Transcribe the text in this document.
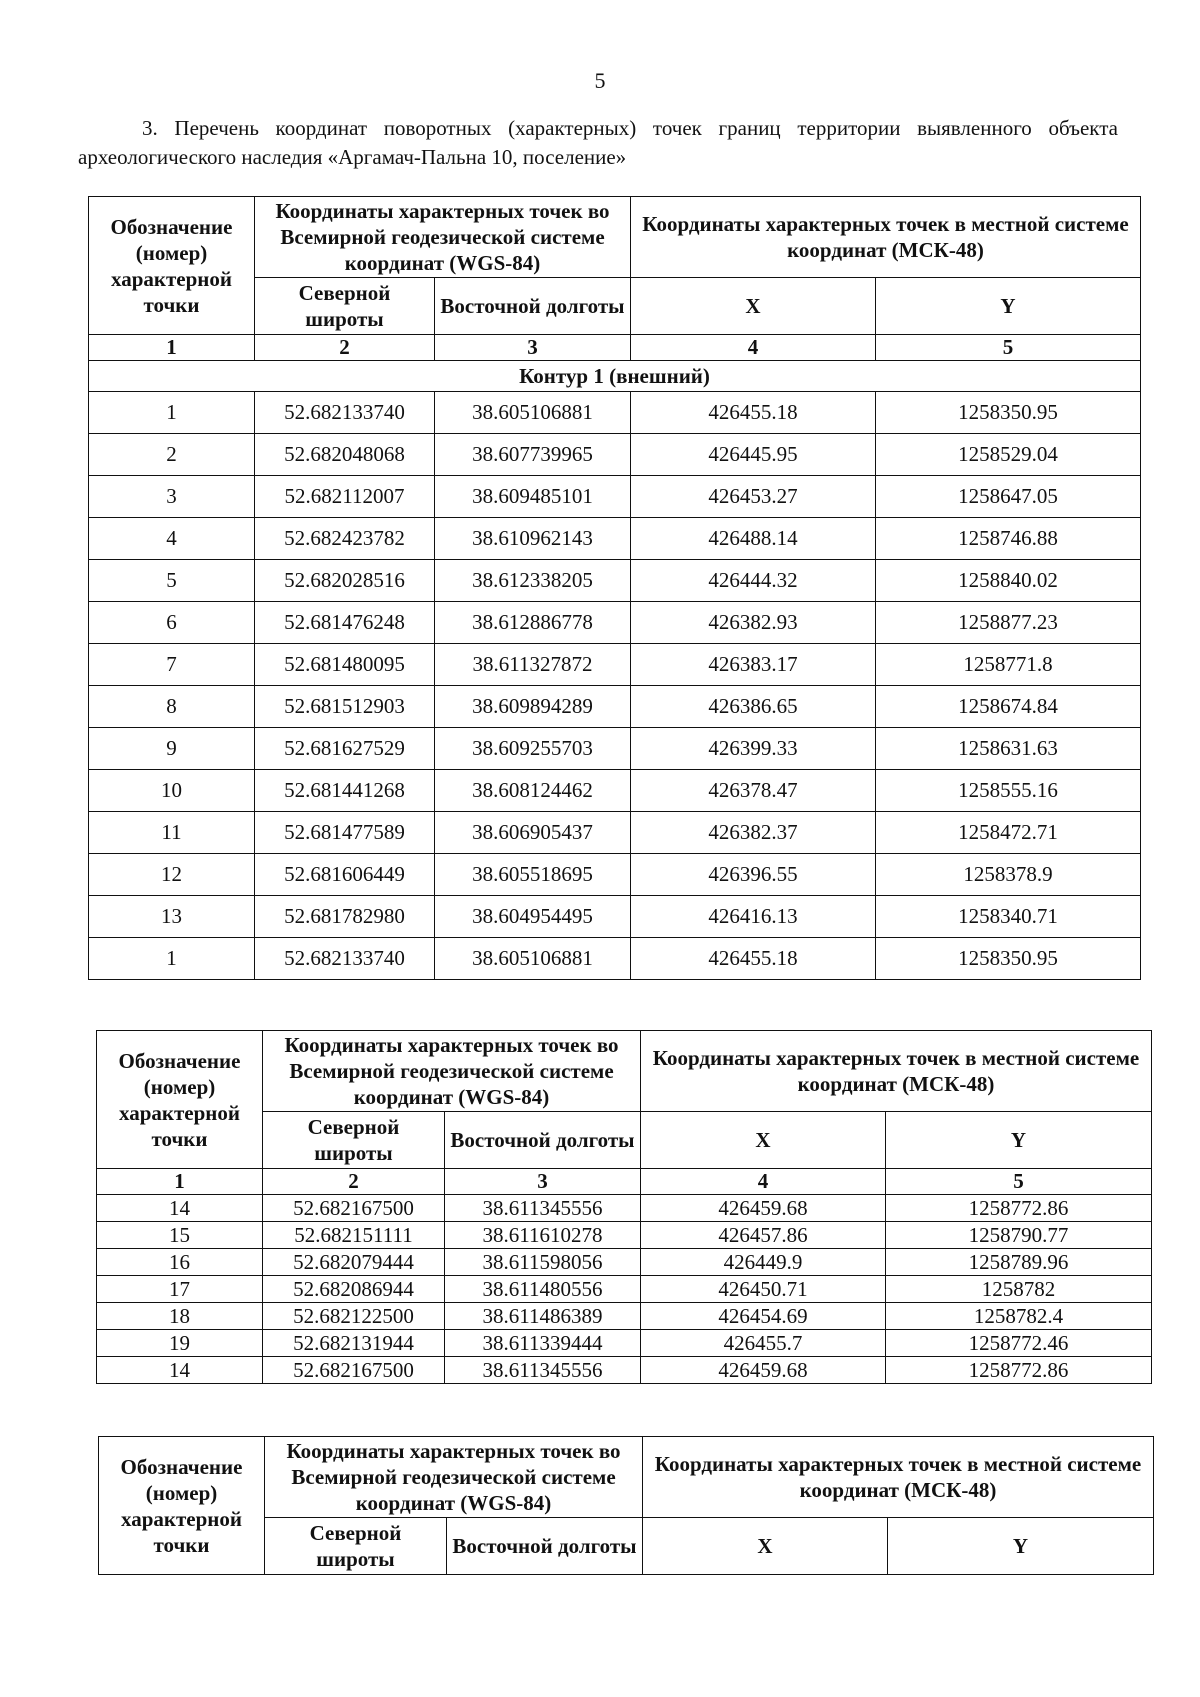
5
3. Перечень координат поворотных (характерных) точек границ территории выявленного объекта археологического наследия «Аргамач-Пальна 10, поселение»
Обозначение (номер) характерной точки	Координаты характерных точек во Всемирной геодезической системе координат (WGS-84)		Координаты характерных точек в местной системе координат (МСК-48)	
	Северной широты	Восточной долготы	X	Y
1	2	3	4	5
Контур 1 (внешний)				
1	52.682133740	38.605106881	426455.18	1258350.95
2	52.682048068	38.607739965	426445.95	1258529.04
3	52.682112007	38.609485101	426453.27	1258647.05
4	52.682423782	38.610962143	426488.14	1258746.88
5	52.682028516	38.612338205	426444.32	1258840.02
6	52.681476248	38.612886778	426382.93	1258877.23
7	52.681480095	38.611327872	426383.17	1258771.8
8	52.681512903	38.609894289	426386.65	1258674.84
9	52.681627529	38.609255703	426399.33	1258631.63
10	52.681441268	38.608124462	426378.47	1258555.16
11	52.681477589	38.606905437	426382.37	1258472.71
12	52.681606449	38.605518695	426396.55	1258378.9
13	52.681782980	38.604954495	426416.13	1258340.71
1	52.682133740	38.605106881	426455.18	1258350.95
Обозначение (номер) характерной точки	Координаты характерных точек во Всемирной геодезической системе координат (WGS-84)		Координаты характерных точек в местной системе координат (МСК-48)	
	Северной широты	Восточной долготы	X	Y
1	2	3	4	5
14	52.682167500	38.611345556	426459.68	1258772.86
15	52.682151111	38.611610278	426457.86	1258790.77
16	52.682079444	38.611598056	426449.9	1258789.96
17	52.682086944	38.611480556	426450.71	1258782
18	52.682122500	38.611486389	426454.69	1258782.4
19	52.682131944	38.611339444	426455.7	1258772.46
14	52.682167500	38.611345556	426459.68	1258772.86
Обозначение (номер) характерной точки	Координаты характерных точек во Всемирной геодезической системе координат (WGS-84)		Координаты характерных точек в местной системе координат (МСК-48)	
	Северной широты	Восточной долготы	X	Y
